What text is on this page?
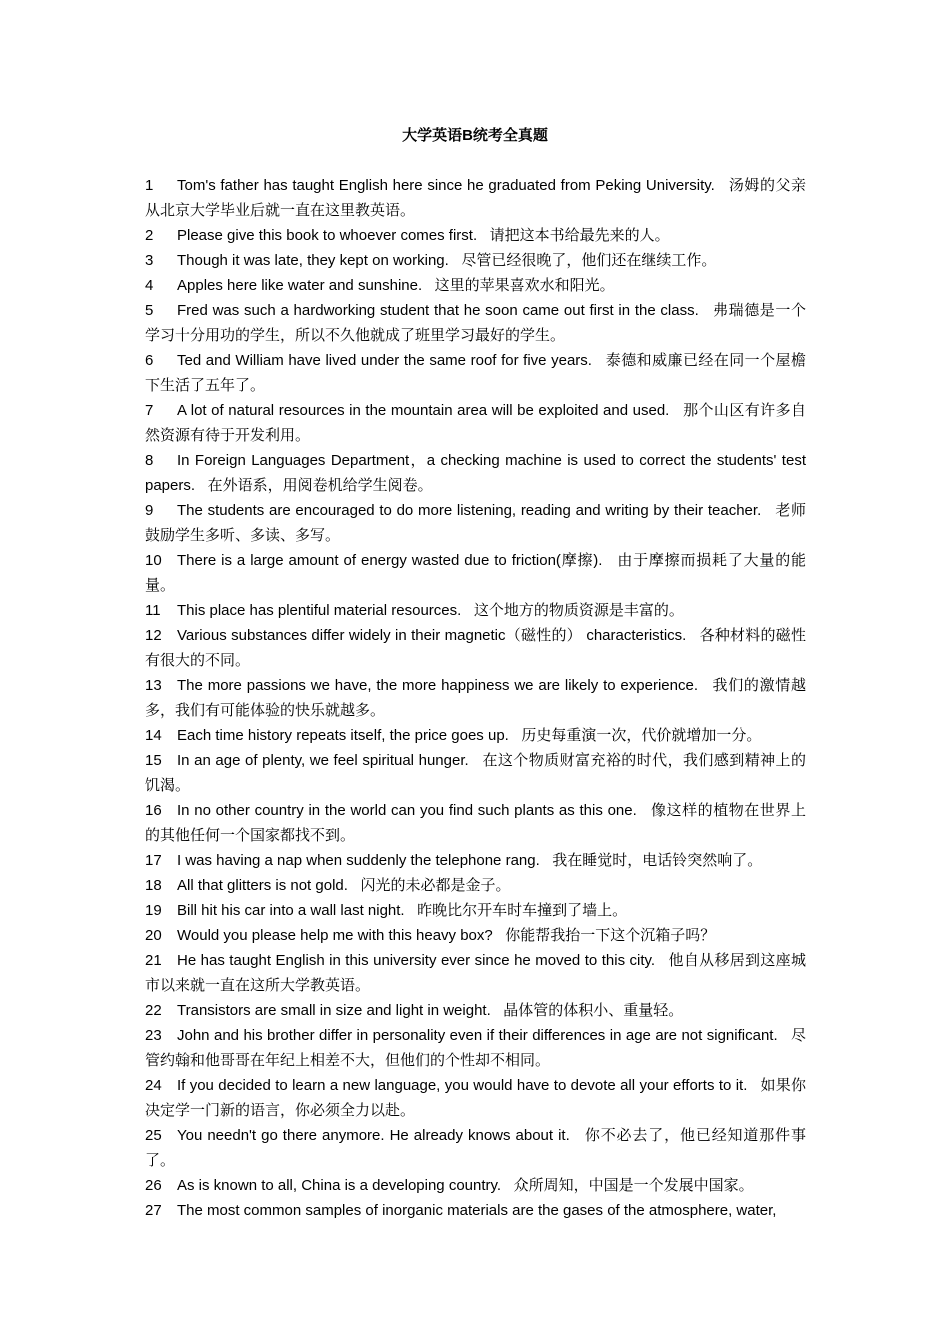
大学英语B统考全真题

1 Tom's father has taught English here since he graduated from Peking University. 汤姆的父亲从北京大学毕业后就一直在这里教英语。

2 Please give this book to whoever comes first. 请把这本书给最先来的人。

3 Though it was late, they kept on working. 尽管已经很晚了，他们还在继续工作。

4 Apples here like water and sunshine. 这里的苹果喜欢水和阳光。

5 Fred was such a hardworking student that he soon came out first in the class. 弗瑞德是一个学习十分用功的学生，所以不久他就成了班里学习最好的学生。

6 Ted and William have lived under the same roof for five years. 泰德和威廉已经在同一个屋檐下生活了五年了。

7 A lot of natural resources in the mountain area will be exploited and used. 那个山区有许多自然资源有待于开发利用。

8 In Foreign Languages Department，a checking machine is used to correct the students' test papers. 在外语系，用阅卷机给学生阅卷。

9 The students are encouraged to do more listening, reading and writing by their teacher. 老师鼓励学生多听、多读、多写。

10 There is a large amount of energy wasted due to friction(摩擦). 由于摩擦而损耗了大量的能量。

11 This place has plentiful material resources. 这个地方的物质资源是丰富的。

12 Various substances differ widely in their magnetic（磁性的） characteristics. 各种材料的磁性有很大的不同。

13 The more passions we have, the more happiness we are likely to experience. 我们的激情越多，我们有可能体验的快乐就越多。

14 Each time history repeats itself, the price goes up. 历史每重演一次，代价就增加一分。

15 In an age of plenty, we feel spiritual hunger. 在这个物质财富充裕的时代，我们感到精神上的饥渴。

16 In no other country in the world can you find such plants as this one. 像这样的植物在世界上的其他任何一个国家都找不到。

17 I was having a nap when suddenly the telephone rang. 我在睡觉时，电话铃突然响了。

18 All that glitters is not gold. 闪光的未必都是金子。

19 Bill hit his car into a wall last night. 昨晚比尔开车时车撞到了墙上。

20 Would you please help me with this heavy box? 你能帮我抬一下这个沉箱子吗？

21 He has taught English in this university ever since he moved to this city. 他自从移居到这座城市以来就一直在这所大学教英语。

22 Transistors are small in size and light in weight. 晶体管的体积小、重量轻。

23 John and his brother differ in personality even if their differences in age are not significant. 尽管约翰和他哥哥在年纪上相差不大，但他们的个性却不相同。

24 If you decided to learn a new language, you would have to devote all your efforts to it. 如果你决定学一门新的语言，你必须全力以赴。

25 You needn't go there anymore. He already knows about it. 你不必去了，他已经知道那件事了。

26 As is known to all, China is a developing country. 众所周知，中国是一个发展中国家。

27 The most common samples of inorganic materials are the gases of the atmosphere, water,
